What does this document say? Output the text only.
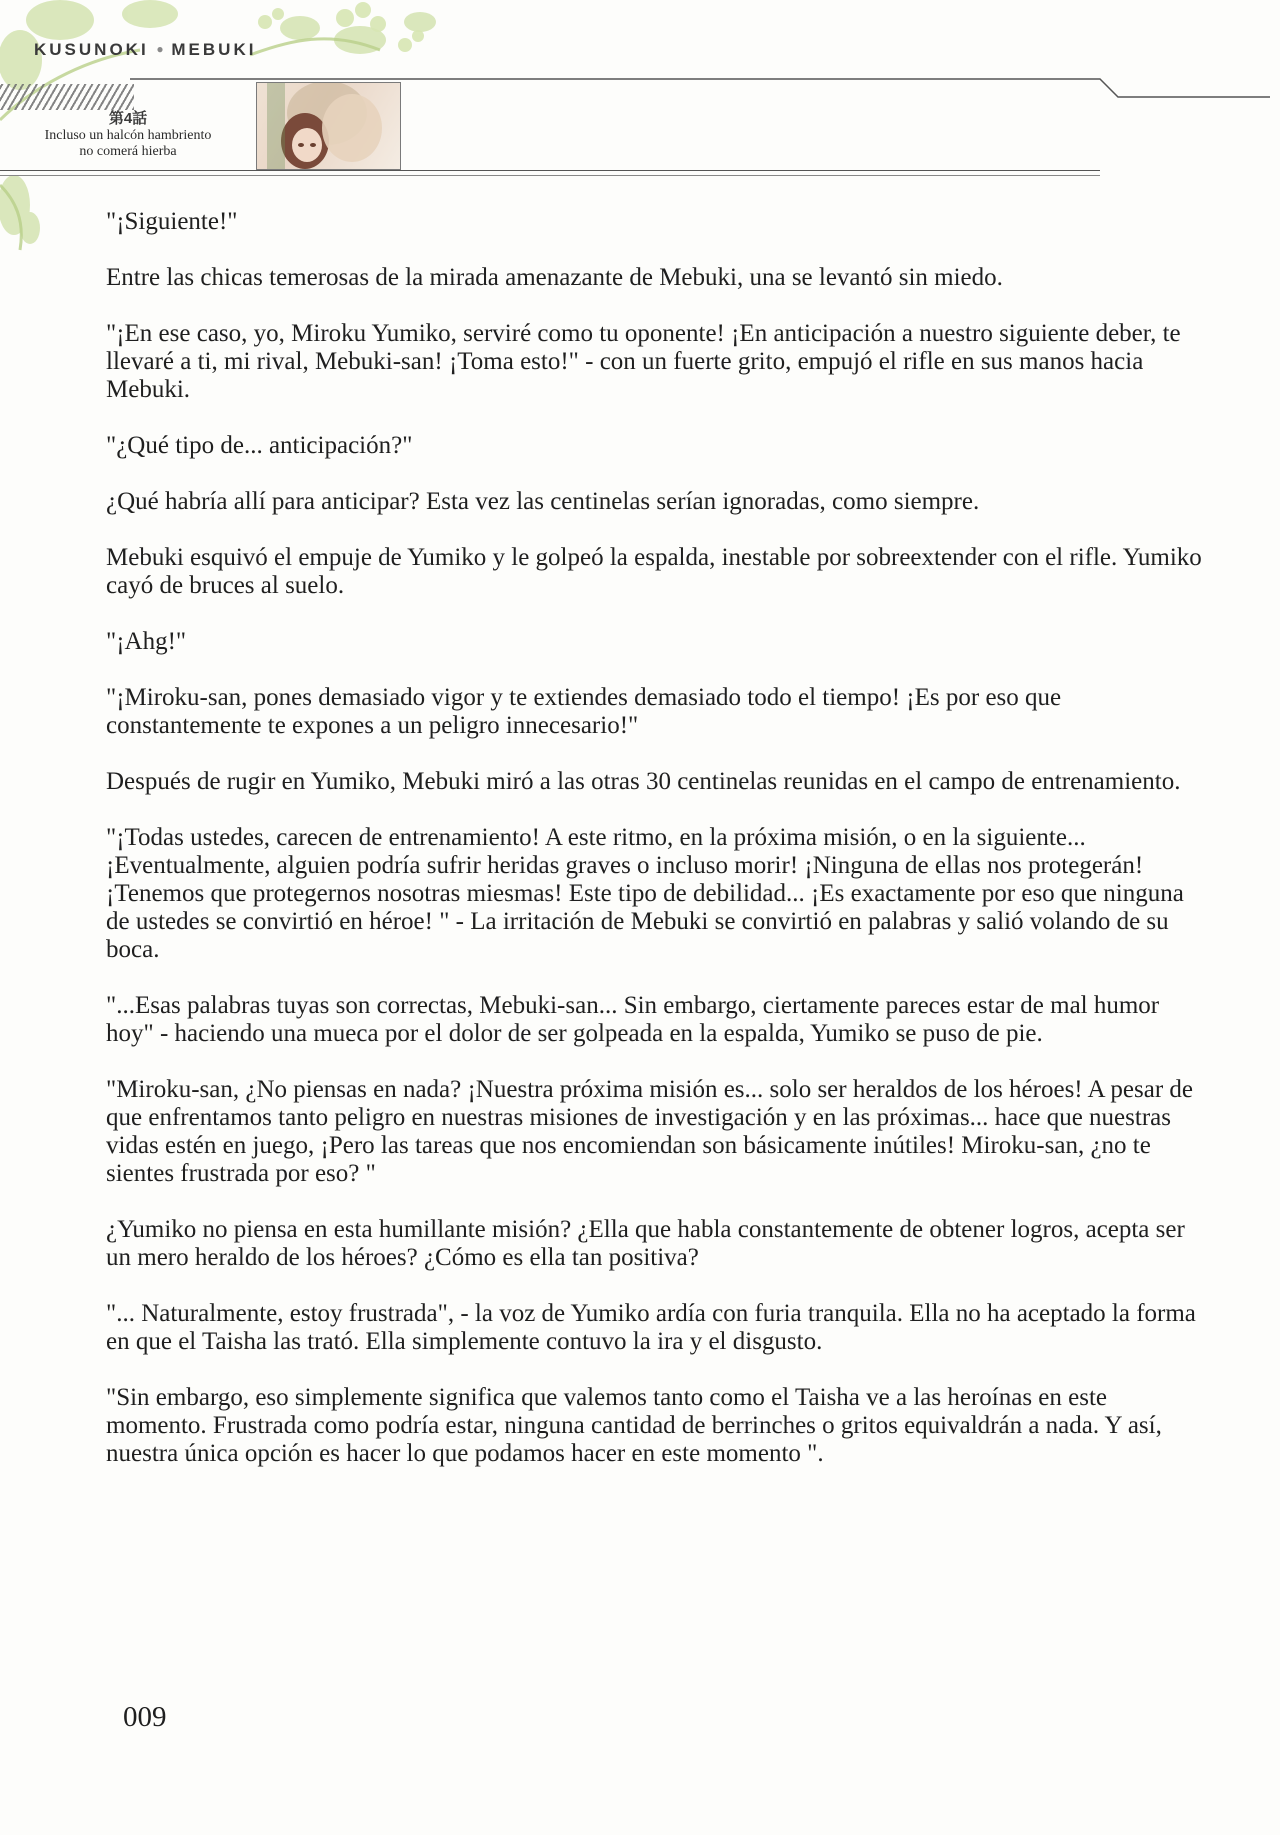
KUSUNOKI ● MEBUKI
第4話
Incluso un halcón hambriento
no comerá hierba

"¡Siguiente!"

Entre las chicas temerosas de la mirada amenazante de Mebuki, una se levantó sin miedo.

"¡En ese caso, yo, Miroku Yumiko, serviré como tu oponente! ¡En anticipación a nuestro siguiente deber, te llevaré a ti, mi rival, Mebuki-san! ¡Toma esto!" - con un fuerte grito, empujó el rifle en sus manos hacia Mebuki.

"¿Qué tipo de... anticipación?"

¿Qué habría allí para anticipar? Esta vez las centinelas serían ignoradas, como siempre.

Mebuki esquivó el empuje de Yumiko y le golpeó la espalda, inestable por sobreextender con el rifle. Yumiko cayó de bruces al suelo.

"¡Ahg!"

"¡Miroku-san, pones demasiado vigor y te extiendes demasiado todo el tiempo! ¡Es por eso que constantemente te expones a un peligro innecesario!"

Después de rugir en Yumiko, Mebuki miró a las otras 30 centinelas reunidas en el campo de entrenamiento.

"¡Todas ustedes, carecen de entrenamiento! A este ritmo, en la próxima misión, o en la siguiente... ¡Eventualmente, alguien podría sufrir heridas graves o incluso morir! ¡Ninguna de ellas nos protegerán! ¡Tenemos que protegernos nosotras miesmas! Este tipo de debilidad... ¡Es exactamente por eso que ninguna de ustedes se convirtió en héroe! " - La irritación de Mebuki se convirtió en palabras y salió volando de su boca.

"...Esas palabras tuyas son correctas, Mebuki-san... Sin embargo, ciertamente pareces estar de mal humor hoy" - haciendo una mueca por el dolor de ser golpeada en la espalda, Yumiko se puso de pie.

"Miroku-san, ¿No piensas en nada? ¡Nuestra próxima misión es... solo ser heraldos de los héroes! A pesar de que enfrentamos tanto peligro en nuestras misiones de investigación y en las próximas... hace que nuestras vidas estén en juego, ¡Pero las tareas que nos encomiendan son básicamente inútiles! Miroku-san, ¿no te sientes frustrada por eso? "

¿Yumiko no piensa en esta humillante misión? ¿Ella que habla constantemente de obtener logros, acepta ser un mero heraldo de los héroes? ¿Cómo es ella tan positiva?

"... Naturalmente, estoy frustrada", - la voz de Yumiko ardía con furia tranquila. Ella no ha aceptado la forma en que el Taisha las trató. Ella simplemente contuvo la ira y el disgusto.

"Sin embargo, eso simplemente significa que valemos tanto como el Taisha ve a las heroínas en este momento. Frustrada como podría estar, ninguna cantidad de berrinches o gritos equivaldrán a nada. Y así, nuestra única opción es hacer lo que podamos hacer en este momento ".

009
